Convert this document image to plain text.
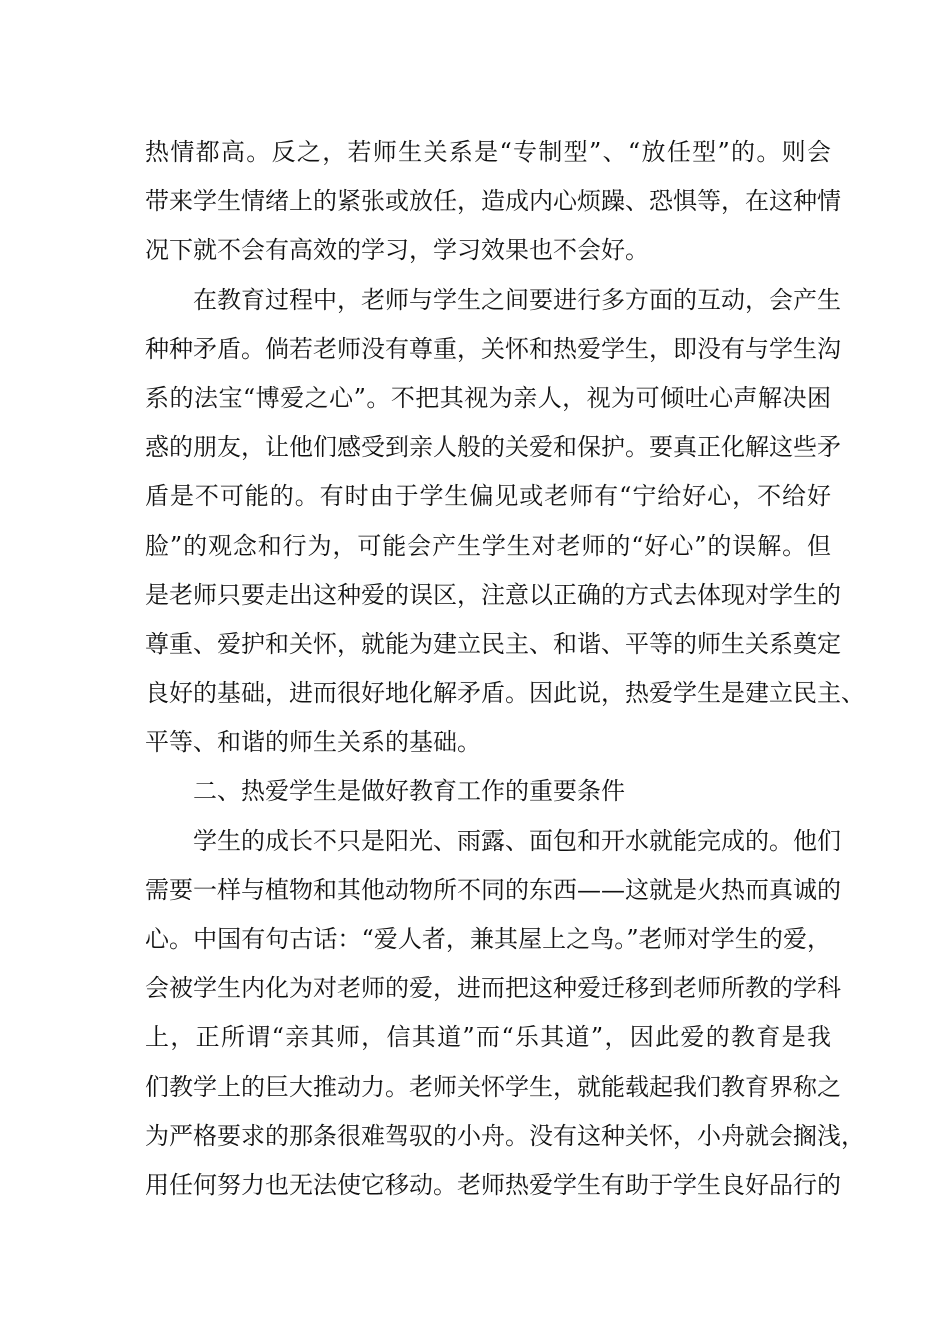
热情都高。反之，若师生关系是“专制型”、“放任型”的。则会
带来学生情绪上的紧张或放任，造成内心烦躁、恐惧等，在这种情
况下就不会有高效的学习，学习效果也不会好。
在教育过程中，老师与学生之间要进行多方面的互动，会产生
种种矛盾。倘若老师没有尊重，关怀和热爱学生，即没有与学生沟
系的法宝“博爱之心”。不把其视为亲人，视为可倾吐心声解决困
惑的朋友，让他们感受到亲人般的关爱和保护。要真正化解这些矛
盾是不可能的。有时由于学生偏见或老师有“宁给好心，不给好
脸”的观念和行为，可能会产生学生对老师的“好心”的误解。但
是老师只要走出这种爱的误区，注意以正确的方式去体现对学生的
尊重、爱护和关怀，就能为建立民主、和谐、平等的师生关系奠定
良好的基础，进而很好地化解矛盾。因此说，热爱学生是建立民主、
平等、和谐的师生关系的基础。
二、热爱学生是做好教育工作的重要条件
学生的成长不只是阳光、雨露、面包和开水就能完成的。他们
需要一样与植物和其他动物所不同的东西——这就是火热而真诚的
心。中国有句古话：“爱人者，兼其屋上之鸟。”老师对学生的爱，
会被学生内化为对老师的爱，进而把这种爱迁移到老师所教的学科
上，正所谓“亲其师，信其道”而“乐其道”，因此爱的教育是我
们教学上的巨大推动力。老师关怀学生，就能载起我们教育界称之
为严格要求的那条很难驾驭的小舟。没有这种关怀，小舟就会搁浅，
用任何努力也无法使它移动。老师热爱学生有助于学生良好品行的
